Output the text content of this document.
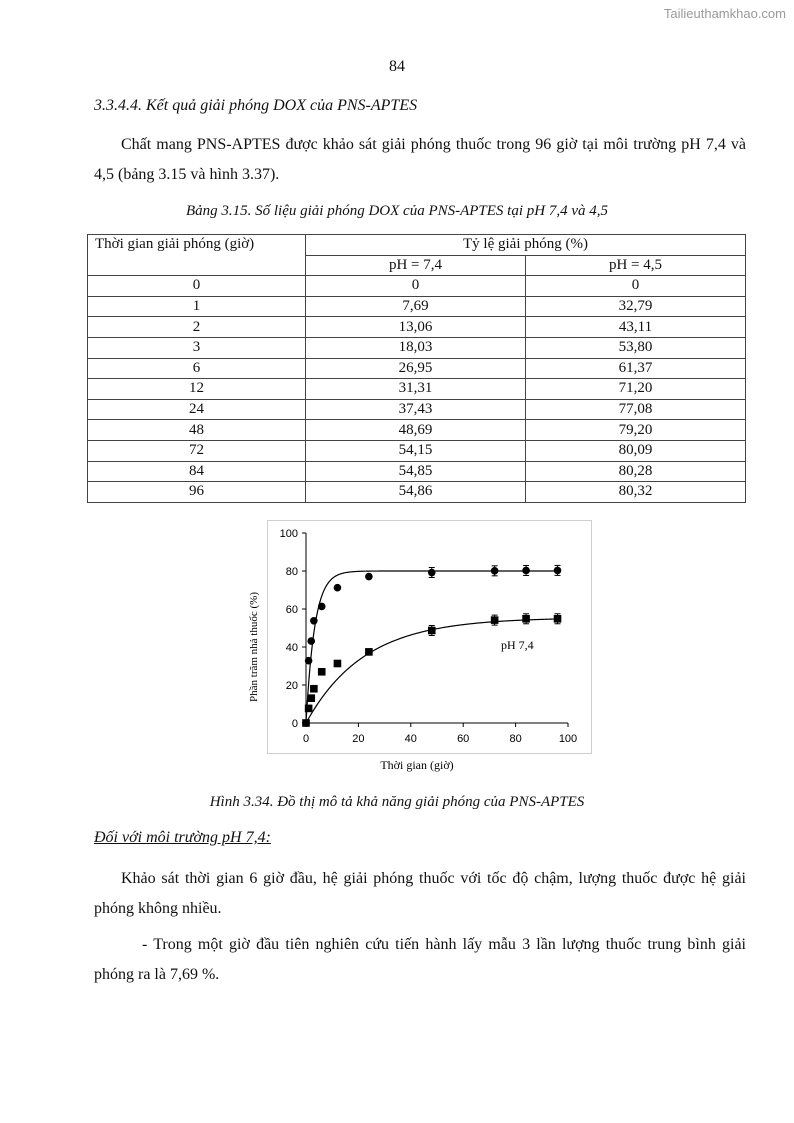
Tailieuthamkhao.com
84
3.3.4.4. Kết quả giải phóng DOX của PNS-APTES
Chất mang PNS-APTES được khảo sát giải phóng thuốc trong 96 giờ tại môi trường pH 7,4 và 4,5 (bảng 3.15 và hình 3.37).
Bảng 3.15. Số liệu giải phóng DOX của PNS-APTES tại pH 7,4 và 4,5
Thời gian giải phóng (giờ)	Tỷ lệ giải phóng (%)	
	pH = 7,4	pH = 4,5
0	0	0
1	7,69	32,79
2	13,06	43,11
3	18,03	53,80
6	26,95	61,37
12	31,31	71,20
24	37,43	77,08
48	48,69	79,20
72	54,15	80,09
84	54,85	80,28
96	54,86	80,32
0
20
40
60
80
100
0	20	40	60	80	100
Thời gian (giờ)
Phần trăm nhả thuốc (%)	pH 7,4
Hình 3.34. Đồ thị mô tả khả năng giải phóng của PNS-APTES
Đối với môi trường pH 7,4:
Khảo sát thời gian 6 giờ đầu, hệ giải phóng thuốc với tốc độ chậm, lượng thuốc được hệ giải phóng không nhiều.
- Trong một giờ đầu tiên nghiên cứu tiến hành lấy mẫu 3 lần lượng thuốc trung bình giải phóng ra là 7,69 %.
